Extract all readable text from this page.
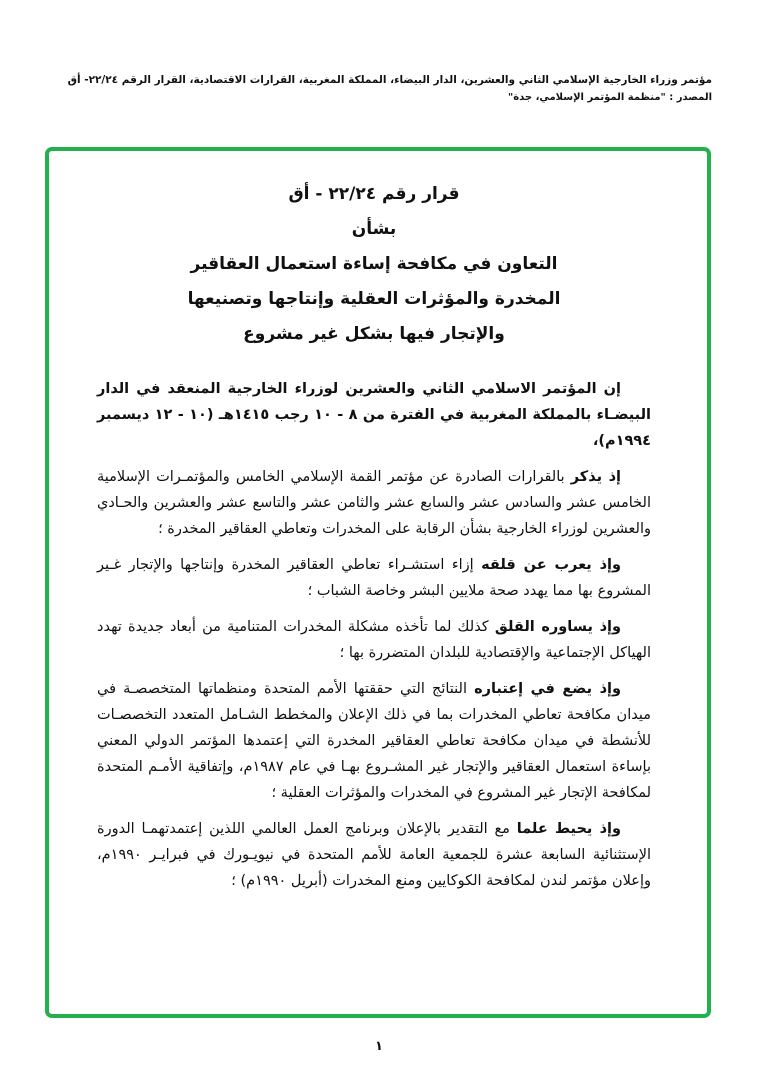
مؤتمر وزراء الخارجية الإسلامي الثاني والعشرين، الدار البيضاء، المملكة المغربية، القرارات الاقتصادية، القرار الرقم ٢٢/٢٤- أق
المصدر : "منظمة المؤتمر الإسلامي، جدة"
قرار رقم ٢٢/٢٤ - أق
بشأن
التعاون في مكافحة إساءة استعمال العقاقير
المخدرة والمؤثرات العقلية وإنتاجها وتصنيعها
والإتجار فيها بشكل غير مشروع

إن المؤتمر الاسلامي الثاني والعشرين لوزراء الخارجية المنعقد في الدار البيضـاء بالمملكة المغربية في الفترة من ٨ - ١٠ رجب ١٤١٥هـ (١٠ - ١٢ ديسمبر ١٩٩٤م)،

إذ يذكر بالقرارات الصادرة عن مؤتمر القمة الإسلامي الخامس والمؤتمـرات الإسلامية الخامس عشر والسادس عشر والسابع عشر والثامن عشر والتاسع عشر والعشرين والحـادي والعشرين لوزراء الخارجية بشأن الرقابة على المخدرات وتعاطي العقاقير المخدرة ؛

وإذ يعرب عن قلقه إزاء استشـراء تعاطي العقاقير المخدرة وإنتاجها والإتجار غـير المشروع بها مما يهدد صحة ملايين البشر وخاصة الشباب ؛

وإذ يساوره القلق كذلك لما تأخذه مشكلة المخدرات المتنامية من أبعاد جديدة تهدد الهياكل الإجتماعية والإقتصادية للبلدان المتضررة بها ؛

وإذ يضع في إعتباره النتائج التي حققتها الأمم المتحدة ومنظماتها المتخصصـة في ميدان مكافحة تعاطي المخدرات بما في ذلك الإعلان والمخطط الشـامل المتعدد التخصصـات للأنشطة في ميدان مكافحة تعاطي العقاقير المخدرة التي إعتمدها المؤتمر الدولي المعني بإساءة استعمال العقاقير والإتجار غير المشـروع بهـا في عام ١٩٨٧م، وإتفاقية الأمـم المتحدة لمكافحة الإتجار غير المشروع في المخدرات والمؤثرات العقلية ؛

وإذ يحيط علما مع التقدير بالإعلان وبرنامج العمل العالمي اللذين إعتمدتهمـا الدورة الإستثنائية السابعة عشرة للجمعية العامة للأمم المتحدة في نيويـورك في فبرايـر ١٩٩٠م، وإعلان مؤتمر لندن لمكافحة الكوكايين ومنع المخدرات (أبريل ١٩٩٠م) ؛

١
